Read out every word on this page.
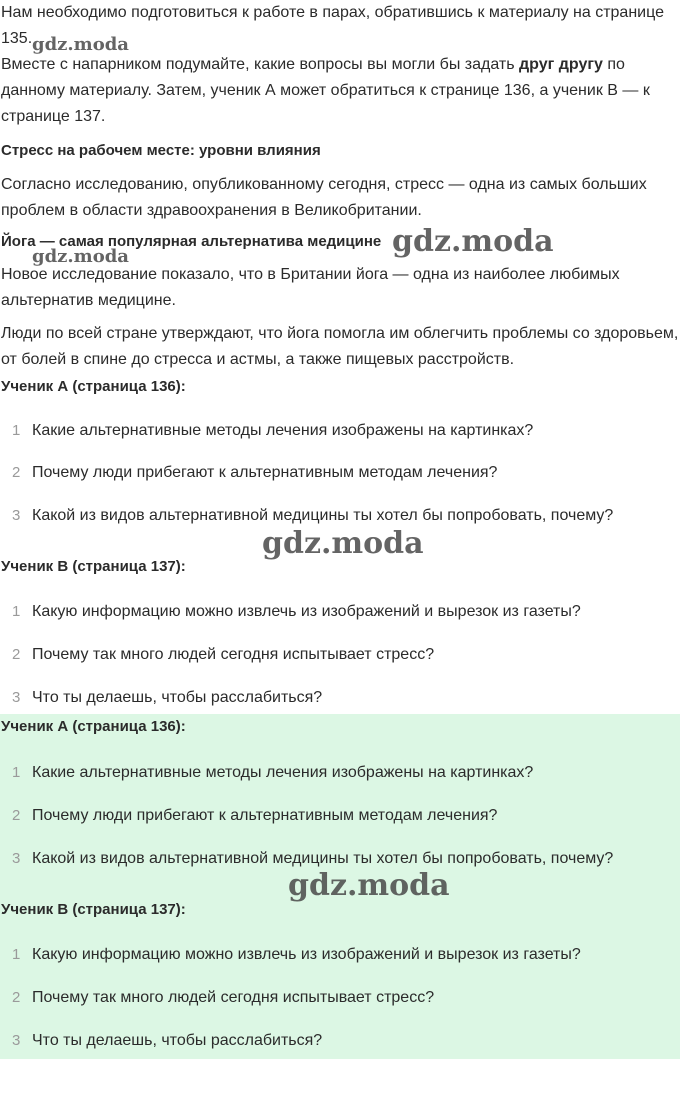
Нам необходимо подготовиться к работе в парах, обратившись к материалу на странице 135.
Вместе с напарником подумайте, какие вопросы вы могли бы задать друг другу по данному материалу. Затем, ученик А может обратиться к странице 136, а ученик В — к странице 137.
Стресс на рабочем месте: уровни влияния
Согласно исследованию, опубликованному сегодня, стресс — одна из самых больших проблем в области здравоохранения в Великобритании.
Йога — самая популярная альтернатива медицине
Новое исследование показало, что в Британии йога — одна из наиболее любимых альтернатив медицине.
Люди по всей стране утверждают, что йога помогла им облегчить проблемы со здоровьем, от болей в спине до стресса и астмы, а также пищевых расстройств.
Ученик А (страница 136):
1 Какие альтернативные методы лечения изображены на картинках?
2 Почему люди прибегают к альтернативным методам лечения?
3 Какой из видов альтернативной медицины ты хотел бы попробовать, почему?
Ученик В (страница 137):
1 Какую информацию можно извлечь из изображений и вырезок из газеты?
2 Почему так много людей сегодня испытывает стресс?
3 Что ты делаешь, чтобы расслабиться?
Ученик А (страница 136):
1 Какие альтернативные методы лечения изображены на картинках?
2 Почему люди прибегают к альтернативным методам лечения?
3 Какой из видов альтернативной медицины ты хотел бы попробовать, почему?
Ученик В (страница 137):
1 Какую информацию можно извлечь из изображений и вырезок из газеты?
2 Почему так много людей сегодня испытывает стресс?
3 Что ты делаешь, чтобы расслабиться?
gdz.moda
gdz.moda
gdz.moda
gdz.moda
gdz.moda
